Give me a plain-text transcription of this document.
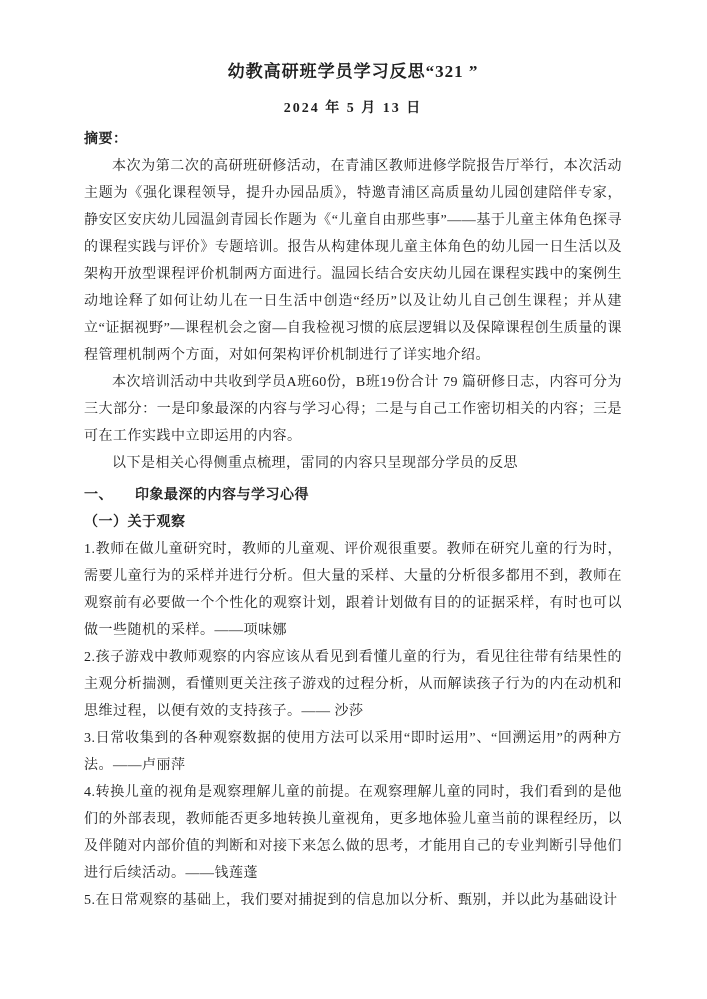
幼教高研班学员学习反思“321 ”
2024 年 5 月 13 日
摘要：

本次为第二次的高研班研修活动，在青浦区教师进修学院报告厅举行，本次活动主题为《强化课程领导，提升办园品质》，特邀青浦区高质量幼儿园创建陪伴专家，静安区安庆幼儿园温剑青园长作题为《“儿童自由那些事”——基于儿童主体角色探寻的课程实践与评价》专题培训。报告从构建体现儿童主体角色的幼儿园一日生活以及架构开放型课程评价机制两方面进行。温园长结合安庆幼儿园在课程实践中的案例生动地诠释了如何让幼儿在一日生活中创造“经历”以及让幼儿自己创生课程；并从建立“证据视野”—课程机会之窗—自我检视习惯的底层逻辑以及保障课程创生质量的课程管理机制两个方面，对如何架构评价机制进行了详实地介绍。

本次培训活动中共收到学员A班60份，B班19份合计 79 篇研修日志，内容可分为三大部分：一是印象最深的内容与学习心得；二是与自己工作密切相关的内容；三是可在工作实践中立即运用的内容。

以下是相关心得侧重点梳理，雷同的内容只呈现部分学员的反思

一、　　印象最深的内容与学习心得
（一）关于观察

1.教师在做儿童研究时，教师的儿童观、评价观很重要。教师在研究儿童的行为时，需要儿童行为的采样并进行分析。但大量的采样、大量的分析很多都用不到，教师在观察前有必要做一个个性化的观察计划，跟着计划做有目的的证据采样，有时也可以做一些随机的采样。——项味娜

2.孩子游戏中教师观察的内容应该从看见到看懂儿童的行为，看见往往带有结果性的主观分析揣测，看懂则更关注孩子游戏的过程分析，从而解读孩子行为的内在动机和思维过程，以便有效的支持孩子。—— 沙莎

3.日常收集到的各种观察数据的使用方法可以采用“即时运用”、“回溯运用”的两种方法。——卢丽萍

4.转换儿童的视角是观察理解儿童的前提。在观察理解儿童的同时，我们看到的是他们的外部表现，教师能否更多地转换儿童视角，更多地体验儿童当前的课程经历，以及伴随对内部价值的判断和对接下来怎么做的思考，才能用自己的专业判断引导他们进行后续活动。——钱莲蓬

5.在日常观察的基础上，我们要对捕捉到的信息加以分析、甄别，并以此为基础设计
